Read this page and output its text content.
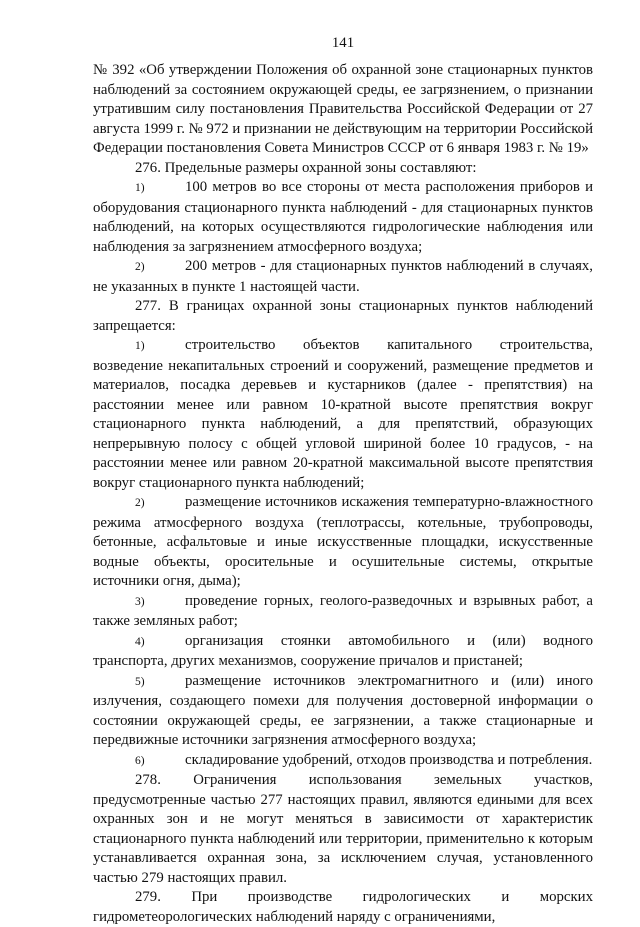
141

№ 392 «Об утверждении Положения об охранной зоне стационарных пунктов наблюдений за состоянием окружающей среды, ее загрязнением, о признании утратившим силу постановления Правительства Российской Федерации от 27 августа 1999 г. № 972 и признании не действующим на территории Российской Федерации постановления Совета Министров СССР от 6 января 1983 г. № 19»

276. Предельные размеры охранной зоны составляют:

1)	100 метров во все стороны от места расположения приборов и оборудования стационарного пункта наблюдений - для стационарных пунктов наблюдений, на которых осуществляются гидрологические наблюдения или наблюдения за загрязнением атмосферного воздуха;

2)	200 метров - для стационарных пунктов наблюдений в случаях, не указанных в пункте 1 настоящей части.

277. В границах охранной зоны стационарных пунктов наблюдений запрещается:

1)	строительство объектов капитального строительства, возведение некапитальных строений и сооружений, размещение предметов и материалов, посадка деревьев и кустарников (далее - препятствия) на расстоянии менее или равном 10-кратной высоте препятствия вокруг стационарного пункта наблюдений, а для препятствий, образующих непрерывную полосу с общей угловой шириной более 10 градусов, - на расстоянии менее или равном 20-кратной максимальной высоте препятствия вокруг стационарного пункта наблюдений;

2)	размещение источников искажения температурно-влажностного режима атмосферного воздуха (теплотрассы, котельные, трубопроводы, бетонные, асфальтовые и иные искусственные площадки, искусственные водные объекты, оросительные и осушительные системы, открытые источники огня, дыма);

3)	проведение горных, геолого-разведочных и взрывных работ, а также земляных работ;

4)	организация стоянки автомобильного и (или) водного транспорта, других механизмов, сооружение причалов и пристаней;

5)	размещение источников электромагнитного и (или) иного излучения, создающего помехи для получения достоверной информации о состоянии окружающей среды, ее загрязнении, а также стационарные и передвижные источники загрязнения атмосферного воздуха;

6)	складирование удобрений, отходов производства и потребления.

278. Ограничения использования земельных участков, предусмотренные частью 277 настоящих правил, являются едиными для всех охранных зон и не могут меняться в зависимости от характеристик стационарного пункта наблюдений или территории, применительно к которым устанавливается охранная зона, за исключением случая, установленного частью 279 настоящих правил.

279. При производстве гидрологических и морских гидрометеорологических наблюдений наряду с ограничениями,
